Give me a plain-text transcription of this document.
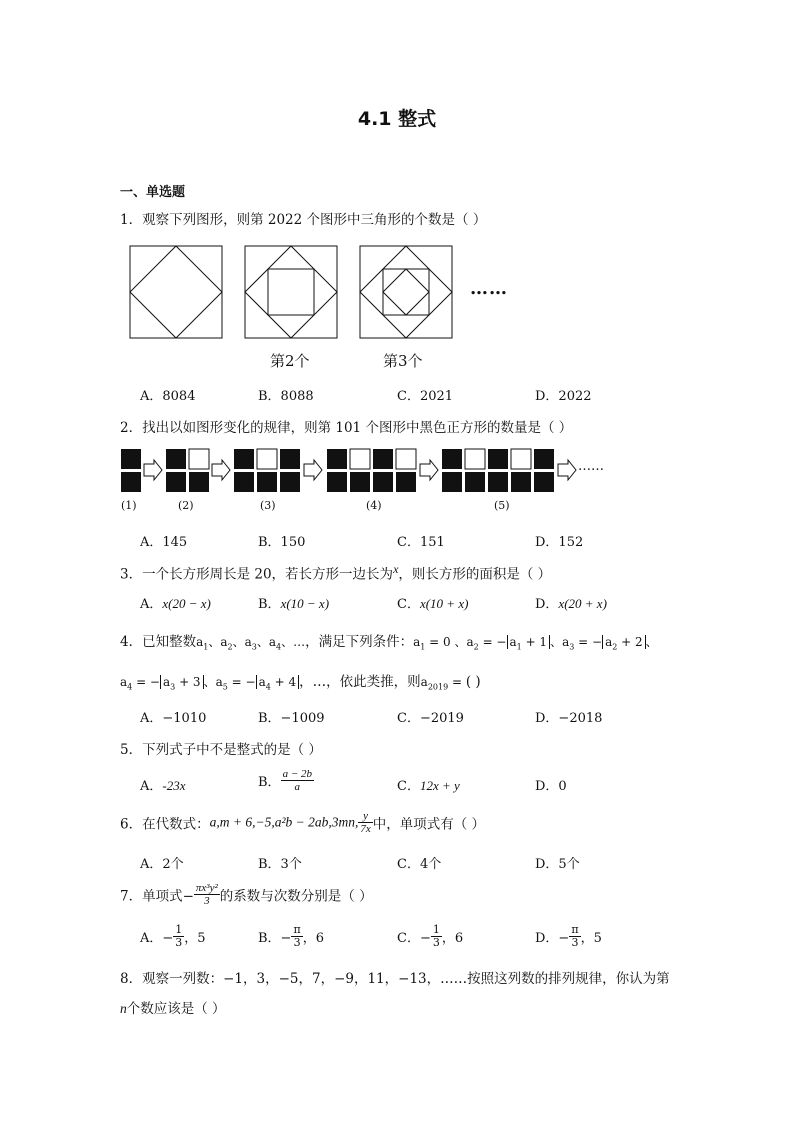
4.1 整式
一、单选题
1．观察下列图形，则第 2022 个图形中三角形的个数是（ ）
……
第2个	第3个
A．8084	B．8088	C．2021	D．2022
2．找出以如图形变化的规律，则第 101 个图形中黑色正方形的数量是（ ）
……
(1)	(2)	(3)	(4)	(5)
A．145	B．150	C．151	D．152
3．一个长方形周长是 20，若长方形一边长为x，则长方形的面积是（ ）
A．x(20 − x)	B．x(10 − x)	C．x(10 + x)	D．x(20 + x)
4．已知整数$a_1$、$a_2$、$a_3$、$a_4$、…，满足下列条件：$a_1 = 0$ 、$a_2$ = − $a_1 + 1$ 、$a_3$ = − $a_2 + 2$ 、
$a_4$ = − $a_3 + 3$ 、$a_5$ = − $a_4 + 4$ ，…，依此类推，则$a_{2019}$ = ( )
A．−1010	B．−1009	C．−2019	D．−2018
5．下列式子中不是整式的是（ ）
A．-23x	B． $\frac{a - 2b}{a}$	C．12x + y	D．0
6．在代数式：a,m + 6,−5,a²b − 2ab,3mn, $\frac{y}{7x}$ 中，单项式有（ ）
A．2个	B．3个	C．4个	D．5个
7．单项式− $\frac{\text{πx³y²}}{3}$ 的系数与次数分别是（ ）
A．− $\frac{1}{3}$ ，5	B．− $\frac{\pi}{3}$ ，6	C．− $\frac{1}{3}$ ，6	D．− $\frac{\pi}{3}$ ，5
8．观察一列数：−1，3，−5，7，−9，11，−13，……按照这列数的排列规律，你认为第
n个数应该是（ ）
